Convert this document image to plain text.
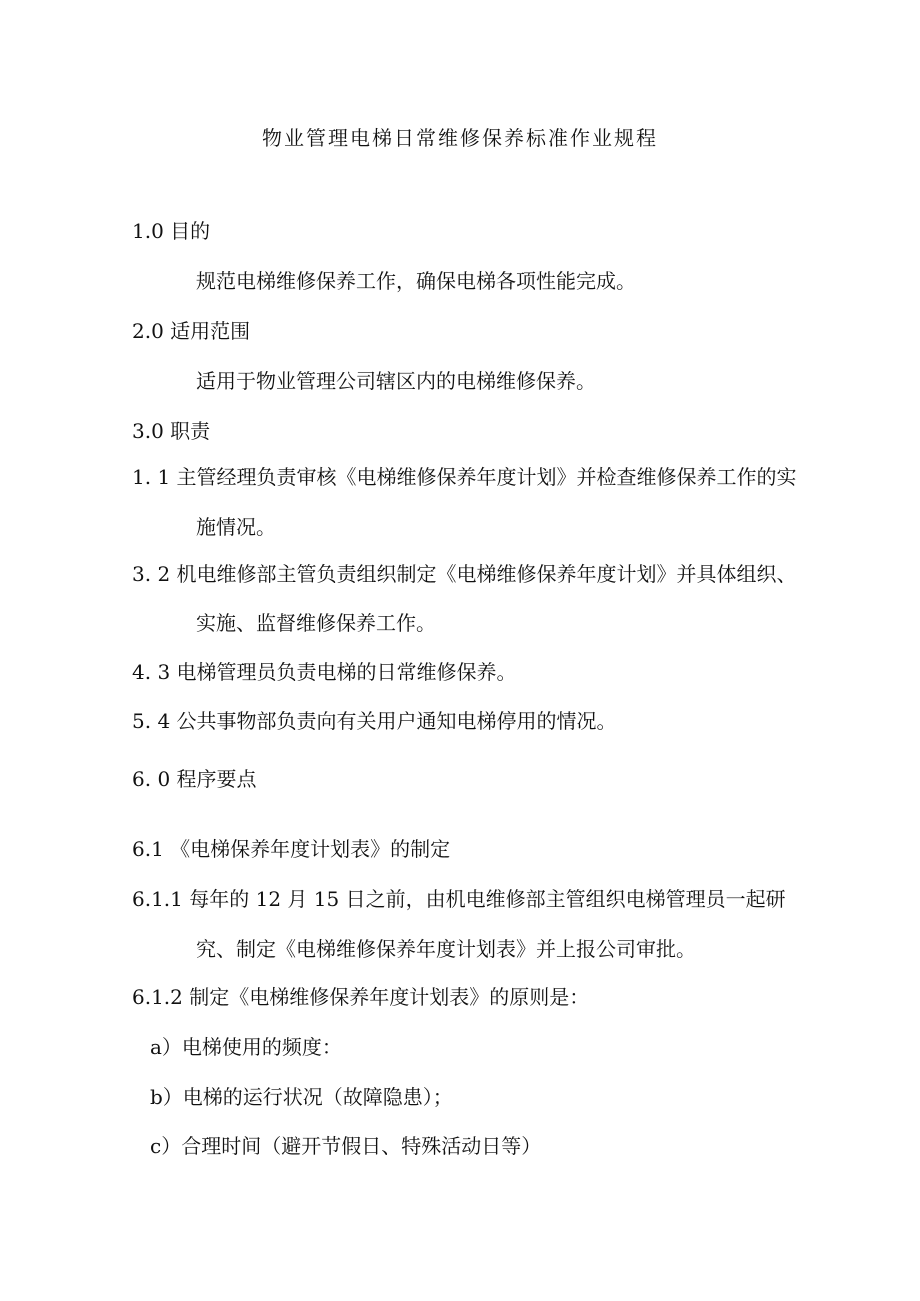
物业管理电梯日常维修保养标准作业规程
1.0 目的
规范电梯维修保养工作，确保电梯各项性能完成。
2.0 适用范围
适用于物业管理公司辖区内的电梯维修保养。
3.0 职责
1. 1 主管经理负责审核《电梯维修保养年度计划》并检查维修保养工作的实
施情况。
3. 2 机电维修部主管负责组织制定《电梯维修保养年度计划》并具体组织、
实施、监督维修保养工作。
4. 3 电梯管理员负责电梯的日常维修保养。
5. 4 公共事物部负责向有关用户通知电梯停用的情况。
6. 0 程序要点
6.1 《电梯保养年度计划表》的制定
6.1.1 每年的 12 月 15 日之前，由机电维修部主管组织电梯管理员一起研
究、制定《电梯维修保养年度计划表》并上报公司审批。
6.1.2 制定《电梯维修保养年度计划表》的原则是：
a）电梯使用的频度：
b）电梯的运行状况（故障隐患）；
c）合理时间（避开节假日、特殊活动日等）
